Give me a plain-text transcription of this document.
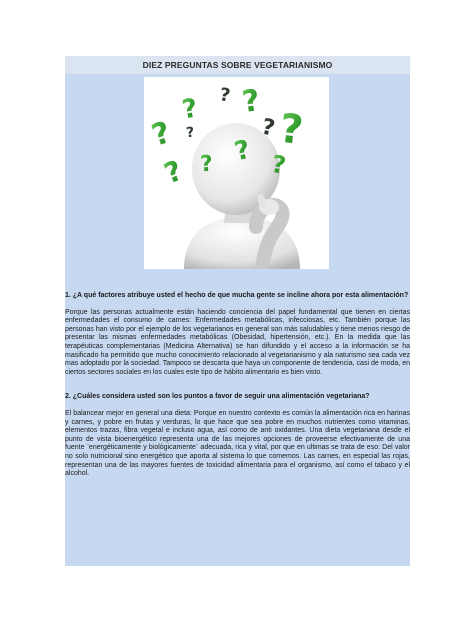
DIEZ PREGUNTAS SOBRE VEGETARIANISMO
?
? ? ?
? ?
? ? ? ?
?

1. ¿A qué factores atribuye usted el hecho de que mucha gente se incline ahora por esta alimentación?

Porque las personas actualmente están haciendo conciencia del papel fundamental que tienen en ciertas enfermedades el consumo de carnes: Enfermedades metabólicas, infecciosas, etc. También porque las personas han visto por el ejemplo de los vegetarianos en general son más saludables y tiene menos riesgo de presentar las mismas enfermedades metabólicas (Obesidad, hipertensión, etc.). En la medida que las terapéuticas complementarias (Medicina Alternativa) se han difundido y el acceso a la información se ha masificado ha permitido que mucho conocimiento relacionado al vegetarianismo y ala naturismo sea cada vez mas adoptado por la sociedad. Tampoco se descarta que haya un componente de tendencia, casi de moda, en ciertos sectores sociales en los cuales este tipo de hábito alimentario es bien visto.

2. ¿Cuáles considera usted son los puntos a favor de seguir una alimentación vegetariana?

El balancear mejor en general una dieta: Porque en nuestro contexto es común la alimentación rica en harinas y carnes, y pobre en frutas y verduras, lo que hace que sea pobre en muchos nutrientes como vitaminas, elementos trazas, fibra vegetal e incluso agua, así como de anti oxidantes. Una dieta vegetariana desde el punto de vista bioenergético representa una de las mejores opciones de proveerse efectivamente de una fuente ¨energéticamente y biológicamente¨ adecuada, rica y vital, por que en ultimas se trata de eso: Del valor no solo nutricional sino energético que aporta al sistema lo que comemos. Las carnes, en especial las rojas, representan una de las mayores fuentes de toxicidad alimentaria para el organismo, así como el tabaco y el alcohol.
